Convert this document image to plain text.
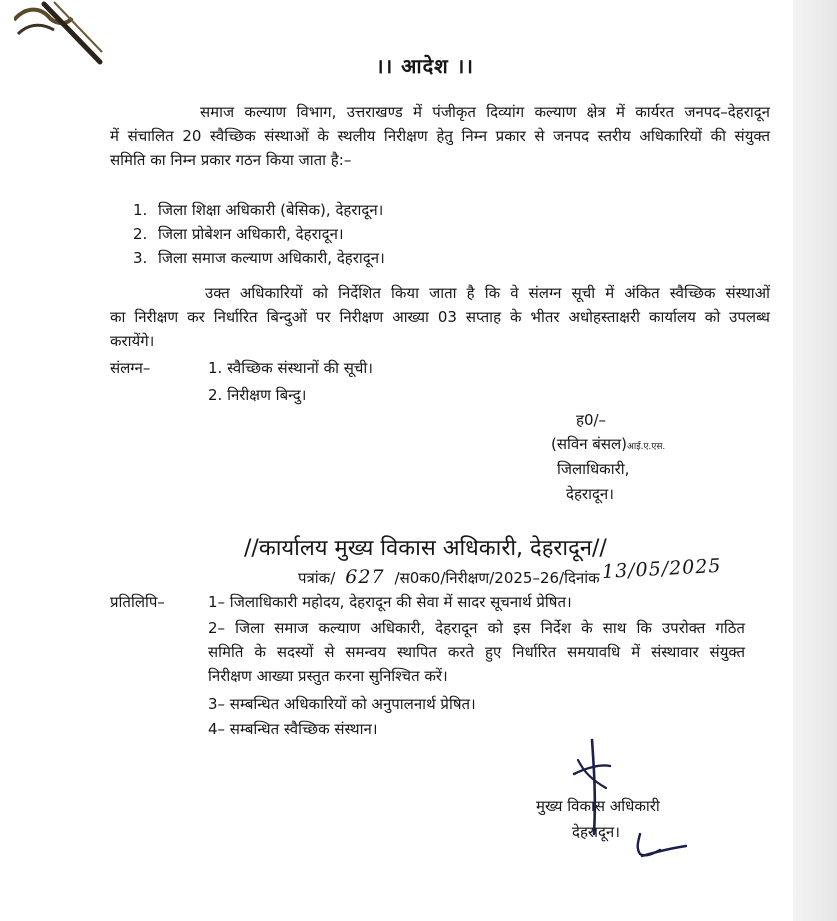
।। आदेश ।।
समाज कल्याण विभाग, उत्तराखण्ड में पंजीकृत दिव्यांग कल्याण क्षेत्र में कार्यरत जनपद–देहरादून
में संचालित 20 स्वैच्छिक संस्थाओं के स्थलीय निरीक्षण हेतु निम्न प्रकार से जनपद स्तरीय अधिकारियों की संयुक्त
समिति का निम्न प्रकार गठन किया जाता है:–
1. जिला शिक्षा अधिकारी (बेसिक), देहरादून।
2. जिला प्रोबेशन अधिकारी, देहरादून।
3. जिला समाज कल्याण अधिकारी, देहरादून।
उक्त अधिकारियों को निर्देशित किया जाता है कि वे संलग्न सूची में अंकित स्वैच्छिक संस्थाओं
का निरीक्षण कर निर्धारित बिन्दुओं पर निरीक्षण आख्या 03 सप्ताह के भीतर अधोहस्ताक्षरी कार्यालय को उपलब्ध
करायेंगे।
संलग्न–	1. स्वैच्छिक संस्थानों की सूची।
2. निरीक्षण बिन्दु।
ह0/–
(सविन बंसल)आई.ए.एस.
जिलाधिकारी,
देहरादून।
//कार्यालय मुख्य विकास अधिकारी, देहरादून//
पत्रांक/ 627 /स0क0/निरीक्षण/2025–26/दिनांक 13/05/2025
प्रतिलिपि–	1– जिलाधिकारी महोदय, देहरादून की सेवा में सादर सूचनार्थ प्रेषित।
2– जिला समाज कल्याण अधिकारी, देहरादून को इस निर्देश के साथ कि उपरोक्त गठित
समिति के सदस्यों से समन्वय स्थापित करते हुए निर्धारित समयावधि में संस्थावार संयुक्त
निरीक्षण आख्या प्रस्तुत करना सुनिश्चित करें।
3– सम्बन्धित अधिकारियों को अनुपालनार्थ प्रेषित।
4– सम्बन्धित स्वैच्छिक संस्थान।
मुख्य विकास अधिकारी
देहरादून।
